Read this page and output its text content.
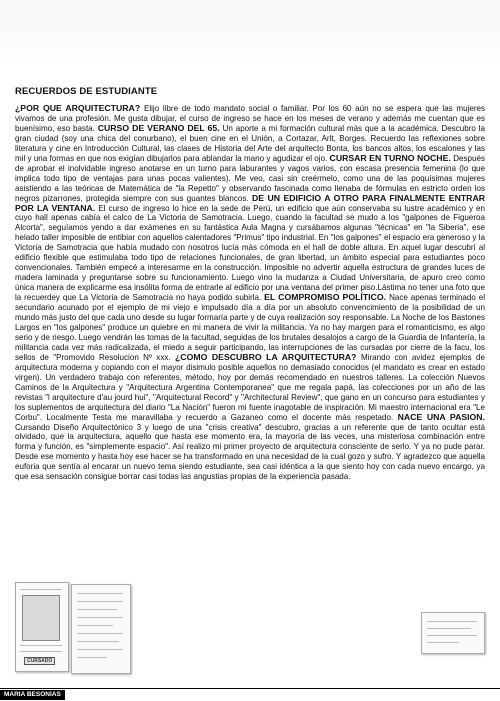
RECUERDOS DE ESTUDIANTE
¿POR QUE ARQUITECTURA? Elijo libre de todo mandato social o familiar. Por los 60 aún no se espera que las mujeres vivamos de una profesión. Me gusta dibujar, el curso de ingreso se hace en los meses de verano y además me cuentan que es buenísimo, eso basta. CURSO DE VERANO DEL 65. Un aporte a mi formación cultural más que a la académica. Descubro la gran ciudad (soy una chica del conurbano), el buen cine en el Unión, a Cortazar, Arlt, Borges. Recuerdo las reflexiones sobre literatura y cine en Introducción Cultural, las clases de Historia del Arte del arquitecto Bonta, los bancos altos, los escalones y las mil y una formas en que nos exigían dibujarlos para ablandar la mano y agudizar el ojo. CURSAR EN TURNO NOCHE. Después de aprobar el inolvidable ingreso anotarse en un turno para laburantes y vagos varios, con escasa presencia femenina (lo que implica todo tipo de ventajas para unas pocas valientes). Me veo, casi sin creérmelo, como una de las poquísimas mujeres asistiendo a las teóricas de Matemática de "la Repetto" y observando fascinada como llenaba de fórmulas en estricto orden los negros pizarrones, protegida siempre con sus guantes blancos. DE UN EDIFICIO A OTRO PARA FINALMENTE ENTRAR POR LA VENTANA. El curso de ingreso lo hice en la sede de Perú, un edificio que aún conservaba su lustre académico y en cuyo hall apenas cabía el calco de La Victoria de Samotracia. Luego, cuando la facultad se mudo a los "galpones de Figueroa Alcorta", seguíamos yendo a dar exámenes en su fantástica Aula Magna y cursábamos algunas "técnicas" en "la Siberia", ese helado taller imposible de entibiar con aquellos calentadores "Primus" tipo industrial. En "los galpones" el espacio era generoso y la Victoria de Samotracia que había mudado con nosotros lucía más cómoda en el hall de doble altura. En aquel lugar descubrí al edificio flexible que estimulaba todo tipo de relaciones funcionales, de gran libertad, un ámbito especial para estudiantes poco convencionales. También empecé a interesarme en la construcción. Imposible no advertir aquella estructura de grandes luces de madera laminada y preguntarse sobre su funcionamiento. Luego vino la mudanza a Ciudad Universitaria, de apuro creo como única manera de explicarme esa insólita forma de entrarle al edificio por una ventana del primer piso.Lástima no tener una foto que la recuerdey que La Victoria de Samotracia no haya podido subirla. EL COMPROMISO POLÍTICO. Nace apenas terminado el secundario acunado por el ejemplo de mi viejo e impulsado día a día por un absoluto convencimiento de la posibilidad de un mundo más justo del que cada uno desde su lugar formaría parte y de cuya realización soy responsable. La Noche de los Bastones Largos en "los galpones" produce un quiebre en mi manera de vivir la militancia. Ya no hay margen para el romanticismo, es algo serio y de riesgo. Luego vendrán las tomas de la facultad, seguidas de los brutales desalojos a cargo de la Guardia de Infantería, la militancia cada vez más radicalizada, el miedo a seguir participando, las interrupciones de las cursadas por cierre de la facu, los sellos de "Promovido Resolucion Nº xxx. ¿COMO DESCUBRO LA ARQUITECTURA? Mirando con avidez ejemplos de arquitectura moderna y copiando con el mayor disimulo posible aquellos no demasiado conocidos (el mandato es crear en estado virgen). Un verdadero trabajo con referentes, método, hoy por demás recomendado en nuestros talleres. La colección Nuevos Caminos de la Arquitectura y "Arquitectura Argentina Contemporanea" que me regala papá, las colecciones por un año de las revistas "l arquitecture d'au jourd hui", "Arquitectural Record" y "Architectural Review", que gano en un concurso para estudiantes y los suplementos de arquitectura del diario "La Nación" fueron mi fuente inagotable de inspiración. Mi maestro internacional era "Le Corbu". Localmente Testa me maravillaba y recuerdo a Gazaneo como el docente más respetado. NACE UNA PASION. Cursando Diseño Arquitectónico 3 y luego de una "crisis creativa" descubro, gracias a un referente que de tanto ocultar está olvidado, que la arquitectura, aquello que hasta ese momento era, la mayoría de las veces, una misteriosa combinación entre forma y función, es "simplemente espacio". Así realizo mi primer proyecto de arquitectura consciente de serlo. Y ya no pude parar. Desde ese momento y hasta hoy ese hacer se ha transformado en una necesidad de la cual gozo y sufro. Y agradezco que aquella euforia que sentía al encarar un nuevo tema siendo estudiante, sea casi idéntica a la que siento hoy con cada nuevo encargo, ya que esa sensación consigue borrar casi todas las angustias propias de la experiencia pasada.
CURSADO
MARIA BESONIAS
